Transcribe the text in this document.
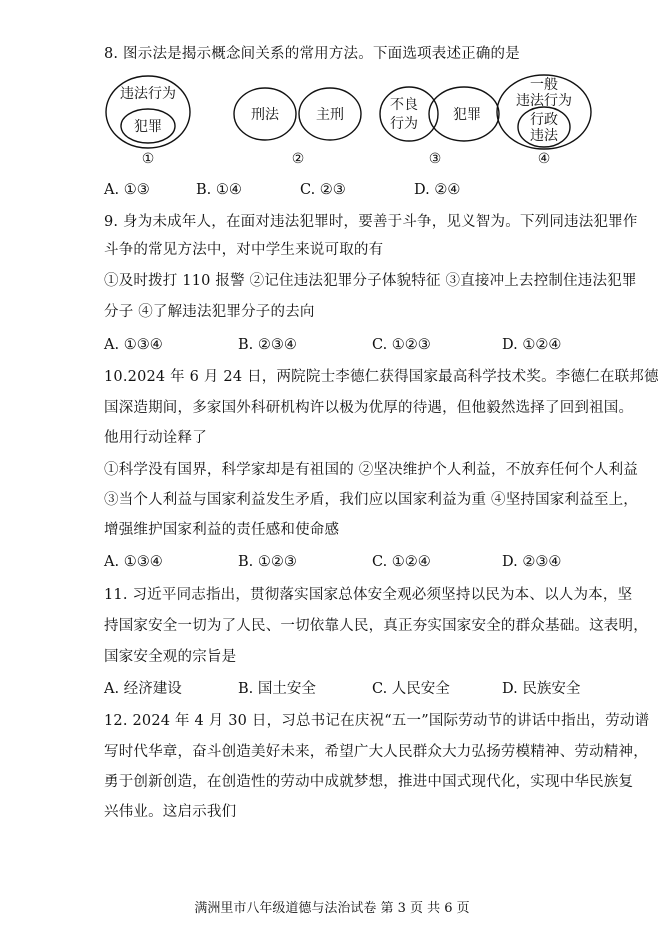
8. 图示法是揭示概念间关系的常用方法。下面选项表述正确的是
违法行为
犯罪
①
刑法	主刑
②
不良
行为
犯罪
③
一般
违法行为
行政
违法
④
A. ①③	B. ①④	C. ②③	D. ②④
9. 身为未成年人，在面对违法犯罪时，要善于斗争，见义智为。下列同违法犯罪作
斗争的常见方法中，对中学生来说可取的有
①及时拨打 110 报警 ②记住违法犯罪分子体貌特征 ③直接冲上去控制住违法犯罪
分子 ④了解违法犯罪分子的去向
A. ①③④	B. ②③④	C. ①②③	D. ①②④
10.2024 年 6 月 24 日，两院院士李德仁获得国家最高科学技术奖。李德仁在联邦德
国深造期间，多家国外科研机构许以极为优厚的待遇，但他毅然选择了回到祖国。
他用行动诠释了
①科学没有国界，科学家却是有祖国的 ②坚决维护个人利益，不放弃任何个人利益
③当个人利益与国家利益发生矛盾，我们应以国家利益为重 ④坚持国家利益至上，
增强维护国家利益的责任感和使命感
A. ①③④	B. ①②③	C. ①②④	D. ②③④
11. 习近平同志指出，贯彻落实国家总体安全观必须坚持以民为本、以人为本，坚
持国家安全一切为了人民、一切依靠人民，真正夯实国家安全的群众基础。这表明，
国家安全观的宗旨是
A. 经济建设	B. 国土安全	C. 人民安全	D. 民族安全
12. 2024 年 4 月 30 日，习总书记在庆祝“五一”国际劳动节的讲话中指出，劳动谱
写时代华章，奋斗创造美好未来，希望广大人民群众大力弘扬劳模精神、劳动精神，
勇于创新创造，在创造性的劳动中成就梦想，推进中国式现代化，实现中华民族复
兴伟业。这启示我们
满洲里市八年级道德与法治试卷 第 3 页 共 6 页
